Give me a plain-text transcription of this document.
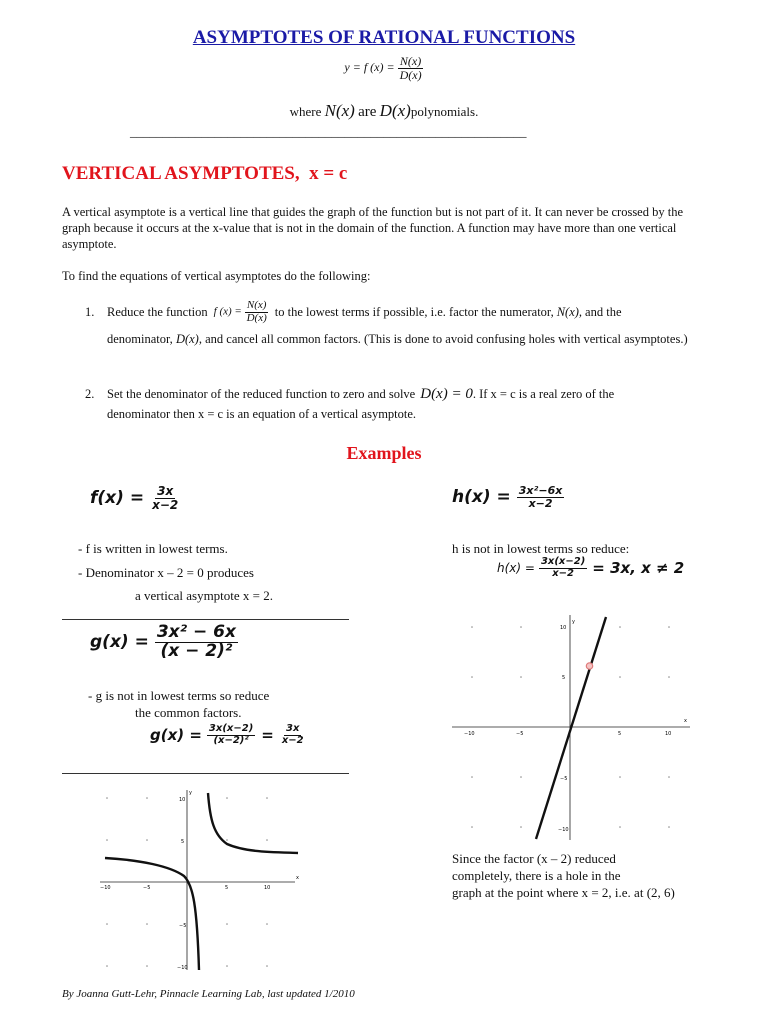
ASYMPTOTES OF RATIONAL FUNCTIONS
y = f $(x) = \frac{N(x)}{D(x)}$
where N(x) are D(x)polynomials.
_____________________________________________________________
VERTICAL ASYMPTOTES,  x = c
A vertical asymptote is a vertical line that guides the graph of the function but is not part of it. It can never be crossed by the graph because it occurs at the x-value that is not in the domain of the function. A function may have more than one vertical asymptote.
To find the equations of vertical asymptotes do the following:
1.	Reduce the function f $(x) = \frac{N(x)}{D(x)}$ to the lowest terms if possible, i.e. factor the numerator, N(x), and the
denominator, D(x), and cancel all common factors. (This is done to avoid confusing holes with vertical asymptotes.)
2.	Set the denominator of the reduced function to zero and solve D(x) = 0 . If x = c is a real zero of the
denominator then x = c is an equation of a vertical asymptote.
Examples
$f(x) = \frac{3x}{x-2}$
- f is written in lowest terms.
- Denominator x – 2 = 0 produces
a vertical asymptote x = 2.
$g(x) = \frac{\text{3x² − 6x}}{\text{(x − 2)²}}$
- g is not in lowest terms so reduce
the common factors.
$g(x) = \frac{3x(x-2)}{\text{(x−2)²}} = \frac{3x}{x-2}$
$h(x) = \frac{\text{3x²−6x}}{x-2}$
h is not in lowest terms so reduce:
$h(x) = \frac{3x(x-2)}{x-2} = 3x$, x ≠ 2
x
y
−10	−5	5	10
10
5
−5
−10
x
y
−10	−5	5	10
10
5
−5
−10
Since the factor (x – 2) reduced
completely, there is a hole in the
graph at the point where x = 2, i.e. at (2, 6)
By Joanna Gutt-Lehr, Pinnacle Learning Lab, last updated 1/2010
